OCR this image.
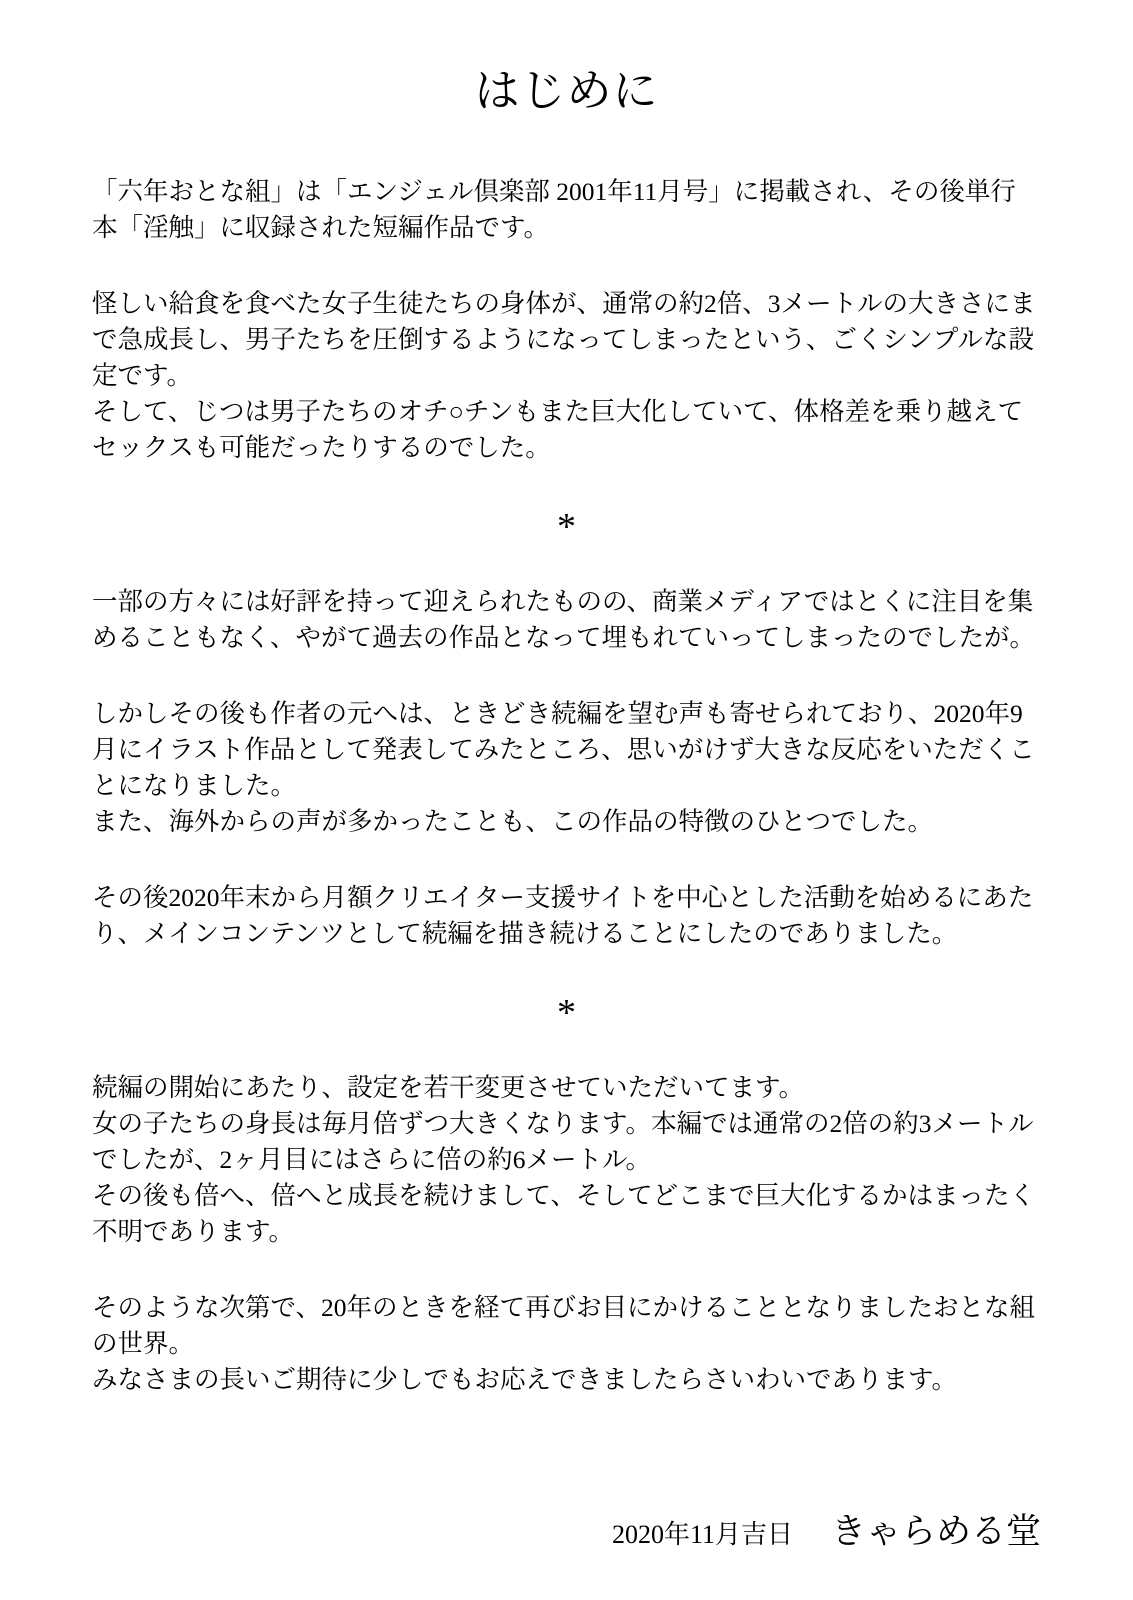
はじめに

「六年おとな組」は「エンジェル倶楽部 2001年11月号」に掲載され、その後単行本「淫触」に収録された短編作品です。

怪しい給食を食べた女子生徒たちの身体が、通常の約2倍、3メートルの大きさにまで急成長し、男子たちを圧倒するようになってしまったという、ごくシンプルな設定です。

そして、じつは男子たちのオチ○チンもまた巨大化していて、体格差を乗り越えてセックスも可能だったりするのでした。

*

一部の方々には好評を持って迎えられたものの、商業メディアではとくに注目を集めることもなく、やがて過去の作品となって埋もれていってしまったのでしたが。

しかしその後も作者の元へは、ときどき続編を望む声も寄せられており、2020年9月にイラスト作品として発表してみたところ、思いがけず大きな反応をいただくことになりました。

また、海外からの声が多かったことも、この作品の特徴のひとつでした。

その後2020年末から月額クリエイター支援サイトを中心とした活動を始めるにあたり、メインコンテンツとして続編を描き続けることにしたのでありました。

*

続編の開始にあたり、設定を若干変更させていただいてます。

女の子たちの身長は毎月倍ずつ大きくなります。本編では通常の2倍の約3メートルでしたが、2ヶ月目にはさらに倍の約6メートル。

その後も倍へ、倍へと成長を続けまして、そしてどこまで巨大化するかはまったく不明であります。

そのような次第で、20年のときを経て再びお目にかけることとなりましたおとな組の世界。

みなさまの長いご期待に少しでもお応えできましたらさいわいであります。

2020年11月吉日 きゃらめる堂
